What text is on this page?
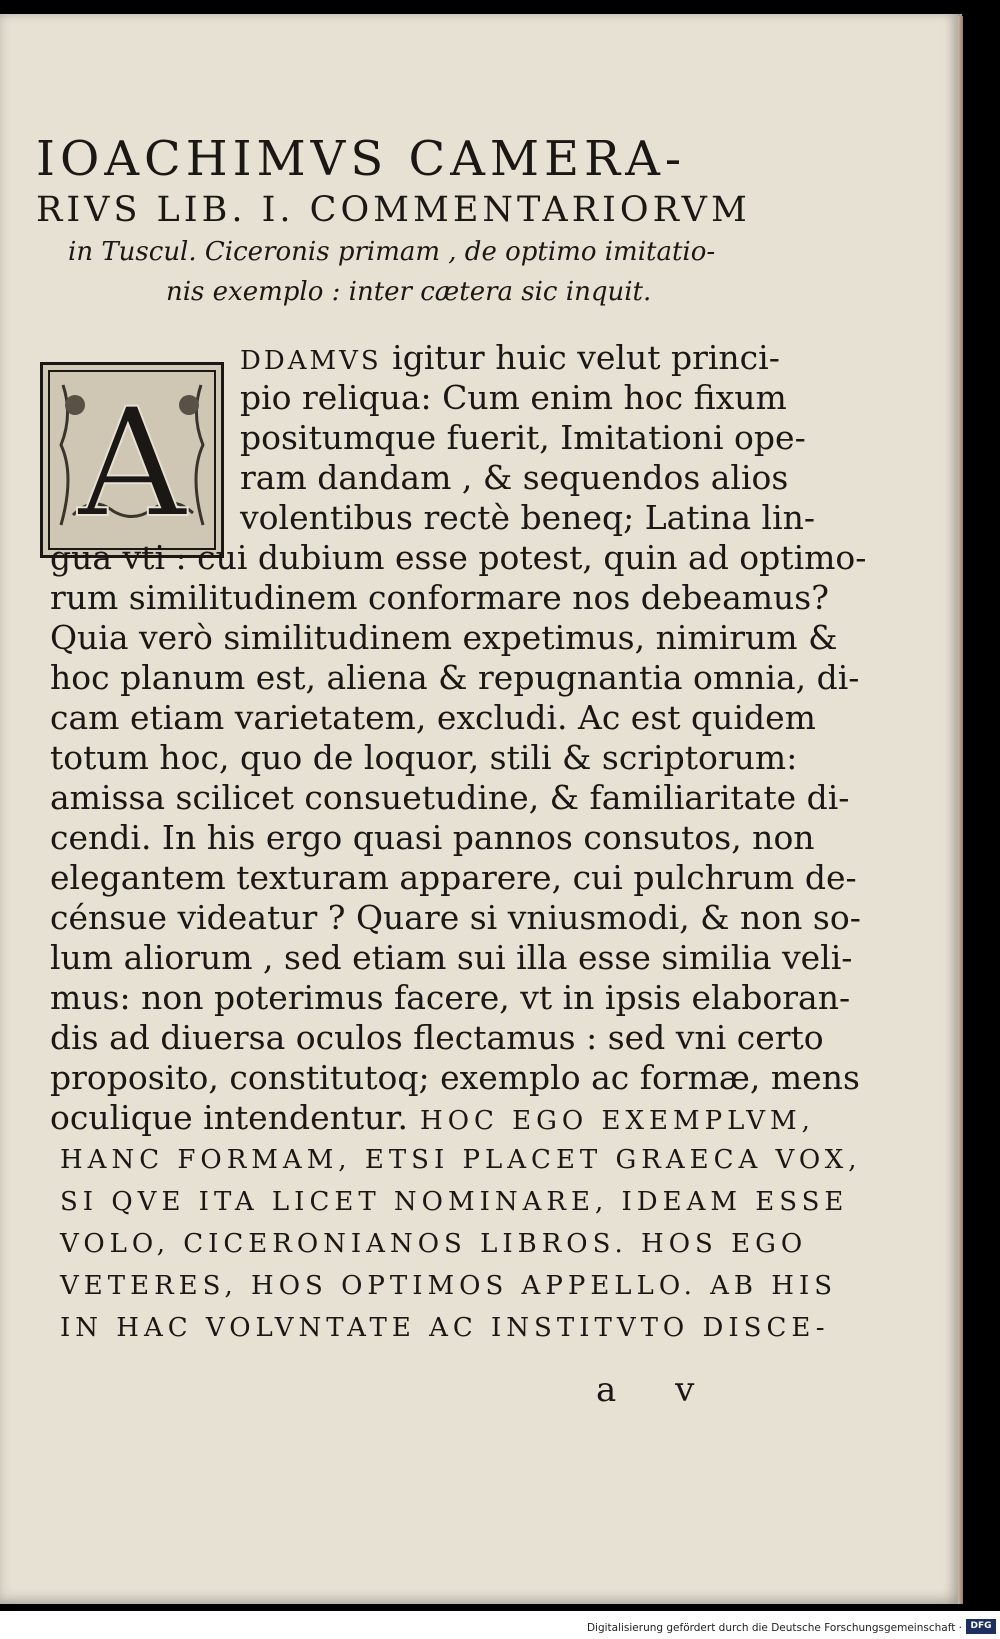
IOACHIMVS CAMERA-
RIVS LIB. I. COMMENTARIORVM
in Tuscul. Ciceronis primam , de optimo imitatio-
nis exemplo : inter cætera sic inquit.
A
DDAMVS igitur huic velut princi-
pio reliqua: Cum enim hoc fixum
positumque fuerit, Imitationi ope-
ram dandam , & sequendos alios
volentibus rectè beneq; Latina lin-
gua vti : cui dubium esse potest, quin ad optimo-
rum similitudinem conformare nos debeamus?
Quia verò similitudinem expetimus, nimirum &
hoc planum est, aliena & repugnantia omnia, di-
cam etiam varietatem, excludi. Ac est quidem
totum hoc, quo de loquor, stili & scriptorum:
amissa scilicet consuetudine, & familiaritate di-
cendi. In his ergo quasi pannos consutos, non
elegantem texturam apparere, cui pulchrum de-
cénsue videatur ? Quare si vniusmodi, & non so-
lum aliorum , sed etiam sui illa esse similia veli-
mus: non poterimus facere, vt in ipsis elaboran-
dis ad diuersa oculos flectamus : sed vni certo
proposito, constitutoq; exemplo ac formæ, mens
oculique intendentur. HOC EGO EXEMPLVM,
HANC FORMAM, ETSI PLACET GRAECA VOX,
SI QVE ITA LICET NOMINARE, IDEAM ESSE
VOLO, CICERONIANOS LIBROS. HOS EGO
VETERES, HOS OPTIMOS APPELLO. AB HIS
IN HAC VOLVNTATE AC INSTITVTO DISCE-
a v
Digitalisierung gefördert durch die Deutsche Forschungsgemeinschaft · DFG
